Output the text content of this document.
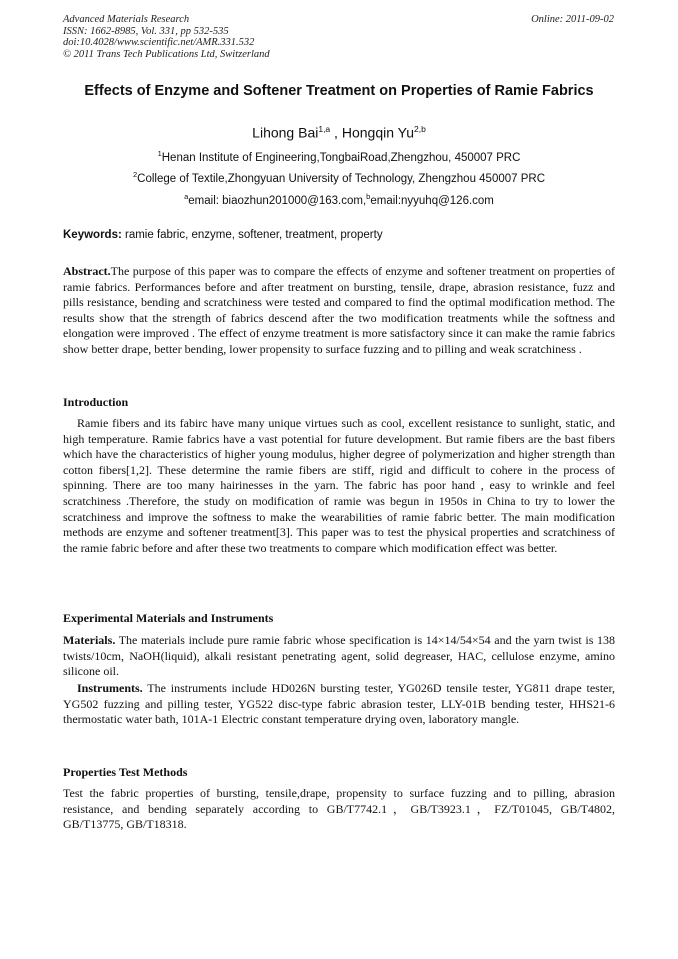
Advanced Materials Research
ISSN: 1662-8985, Vol. 331, pp 532-535
doi:10.4028/www.scientific.net/AMR.331.532
© 2011 Trans Tech Publications Ltd, Switzerland
Online: 2011-09-02
Effects of Enzyme and Softener Treatment on Properties of Ramie Fabrics
Lihong Bai$^{1,a}$ , Hongqin Yu$^{2,b}$
$^1$Henan Institute of Engineering,TongbaiRoad,Zhengzhou, 450007 PRC
$^2$College of Textile,Zhongyuan University of Technology, Zhengzhou 450007 PRC
$^a$email: biaozhun201000@163.com,$^b$email:nyyuhq@126.com
Keywords: ramie fabric, enzyme, softener, treatment, property
Abstract.The purpose of this paper was to compare the effects of enzyme and softener treatment on properties of ramie fabrics. Performances before and after treatment on bursting, tensile, drape, abrasion resistance, fuzz and pills resistance, bending and scratchiness were tested and compared to find the optimal modification method. The results show that the strength of fabrics descend after the two modification treatments while the softness and elongation were improved . The effect of enzyme treatment is more satisfactory since it can make the ramie fabrics show better drape, better bending, lower propensity to surface fuzzing and to pilling and weak scratchiness .
Introduction
Ramie fibers and its fabirc have many unique virtues such as cool, excellent resistance to sunlight, static, and high temperature. Ramie fabrics have a vast potential for future development. But ramie fibers are the bast fibers which have the characteristics of higher young modulus, higher degree of polymerization and higher strength than cotton fibers[1,2]. These determine the ramie fibers are stiff, rigid and difficult to cohere in the process of spinning. There are too many hairinesses in the yarn. The fabric has poor hand , easy to wrinkle and feel scratchiness .Therefore, the study on modification of ramie was begun in 1950s in China to try to lower the scratchiness and improve the softness to make the wearabilities of ramie fabric better. The main modification methods are enzyme and softener treatment[3]. This paper was to test the physical properties and scratchiness of the ramie fabric before and after these two treatments to compare which modification effect was better.
Experimental Materials and Instruments
Materials. The materials include pure ramie fabric whose specification is 14×14/54×54 and the yarn twist is 138 twists/10cm, NaOH(liquid), alkali resistant penetrating agent, solid degreaser, HAC, cellulose enzyme, amino silicone oil.
Instruments. The instruments include HD026N bursting tester, YG026D tensile tester, YG811 drape tester, YG502 fuzzing and pilling tester, YG522 disc-type fabric abrasion tester, LLY-01B bending tester, HHS21-6 thermostatic water bath, 101A-1 Electric constant temperature drying oven, laboratory mangle.
Properties Test Methods
Test the fabric properties of bursting, tensile,drape, propensity to surface fuzzing and to pilling, abrasion resistance, and bending separately according to GB/T7742.1，GB/T3923.1，FZ/T01045, GB/T4802, GB/T13775, GB/T18318.
